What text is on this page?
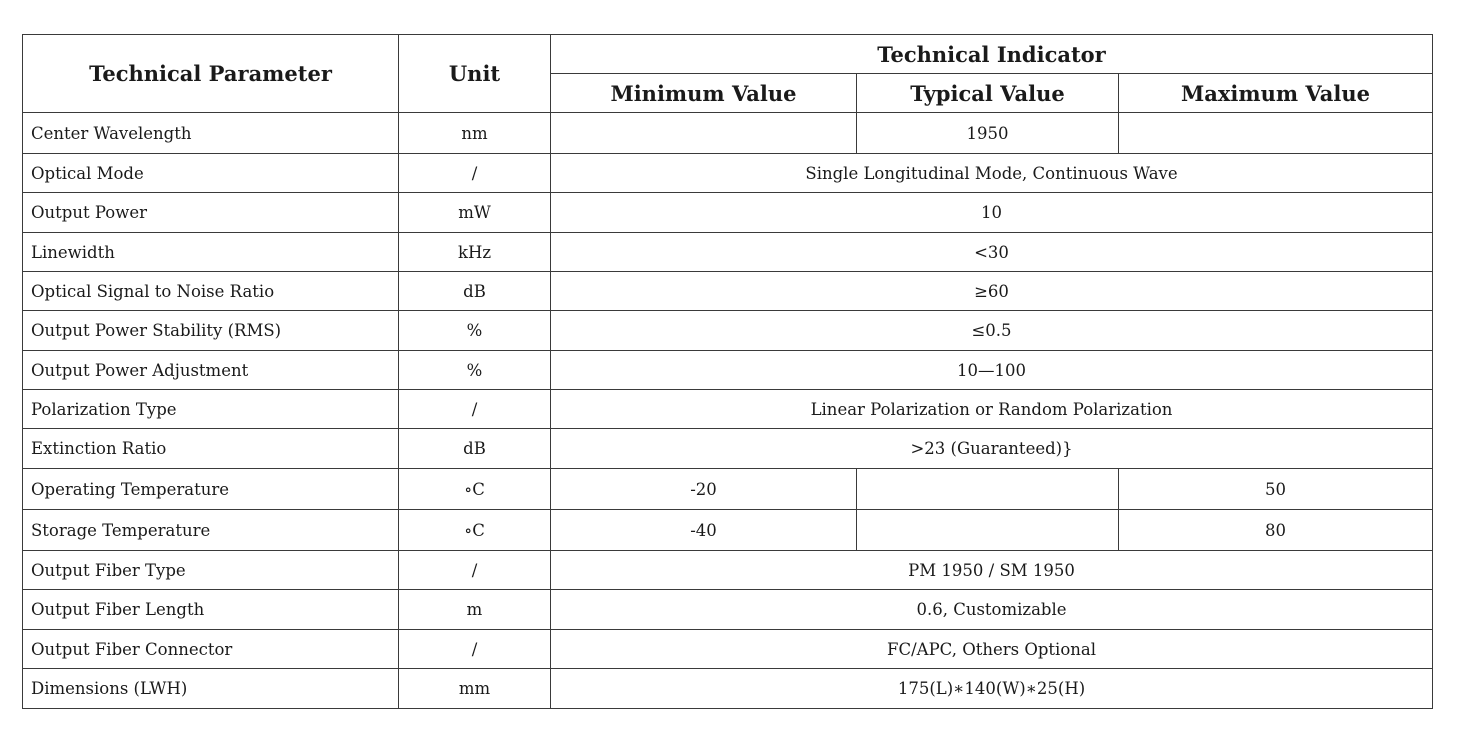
Technical Parameter	Unit	Technical Indicator		
		Minimum Value	Typical Value	Maximum Value
Center Wavelength	nm		1950	
Optical Mode	/	Single Longitudinal Mode, Continuous Wave		
Output Power	mW	10		
Linewidth	kHz	<30		
Optical Signal to Noise Ratio	dB	≥60		
Output Power Stability (RMS)	%	≤0.5		
Output Power Adjustment	%	10—100		
Polarization Type	/	Linear Polarization or Random Polarization		
Extinction Ratio	dB	>23 (Guaranteed)}		
Operating Temperature	∘C	-20		50
Storage Temperature	∘C	-40		80
Output Fiber Type	/	PM 1950 / SM 1950		
Output Fiber Length	m	0.6, Customizable		
Output Fiber Connector	/	FC/APC, Others Optional		
Dimensions (LWH)	mm	175(L)∗140(W)∗25(H)		
